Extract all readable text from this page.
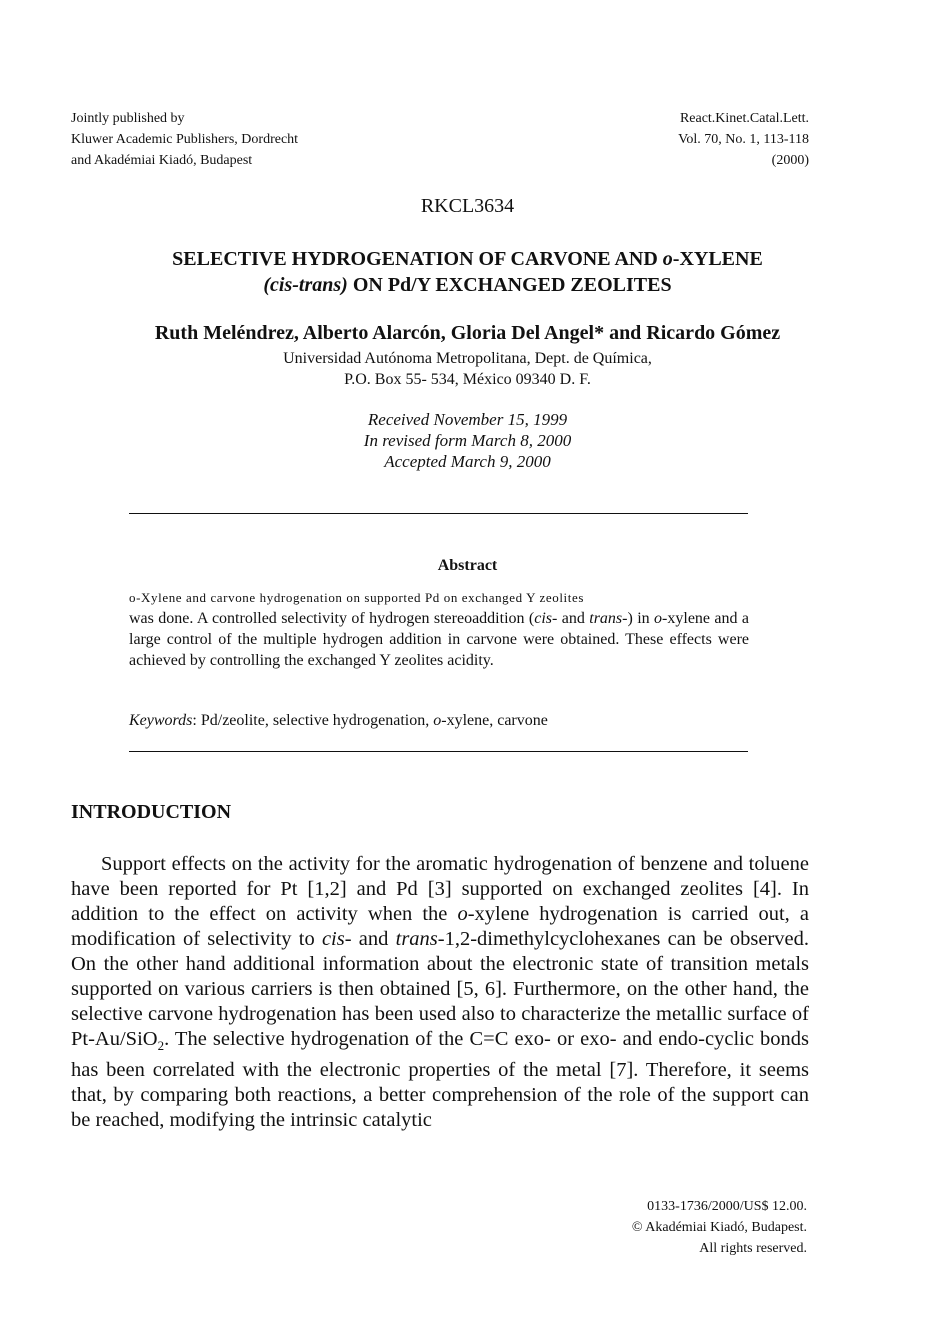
Jointly published by
Kluwer Academic Publishers, Dordrecht
and Akadémiai Kiadó, Budapest
React.Kinet.Catal.Lett.
Vol. 70, No. 1, 113-118
(2000)
RKCL3634
SELECTIVE HYDROGENATION OF CARVONE AND o-XYLENE
(cis-trans) ON Pd/Y EXCHANGED ZEOLITES
Ruth Meléndrez, Alberto Alarcón, Gloria Del Angel* and Ricardo Gómez
Universidad Autónoma Metropolitana, Dept. de Química,
P.O. Box 55- 534, México 09340 D. F.
Received November 15, 1999
In revised form March 8, 2000
Accepted March 9, 2000
Abstract
o-Xylene and carvone hydrogenation on supported Pd on exchanged Y zeolites
was done. A controlled selectivity of hydrogen stereoaddition (cis- and trans-) in o-xylene and a large control of the multiple hydrogen addition in carvone were obtained. These effects were achieved by controlling the exchanged Y zeolites acidity.
Keywords: Pd/zeolite, selective hydrogenation, o-xylene, carvone
INTRODUCTION

Support effects on the activity for the aromatic hydrogenation of benzene and toluene have been reported for Pt [1,2] and Pd [3] supported on exchanged zeolites [4]. In addition to the effect on activity when the o-xylene hydrogenation is carried out, a modification of selectivity to cis- and trans-1,2-dimethylcyclohexanes can be observed. On the other hand additional information about the electronic state of transition metals supported on various carriers is then obtained [5, 6]. Furthermore, on the other hand, the selective carvone hydrogenation has been used also to characterize the metallic surface of Pt-Au/SiO$_2$. The selective hydrogenation of the C=C exo- or exo- and endo-cyclic bonds has been correlated with the electronic properties of the metal [7]. Therefore, it seems that, by comparing both reactions, a better comprehension of the role of the support can be reached, modifying the intrinsic catalytic

0133-1736/2000/US$ 12.00.
© Akadémiai Kiadó, Budapest.
All rights reserved.
